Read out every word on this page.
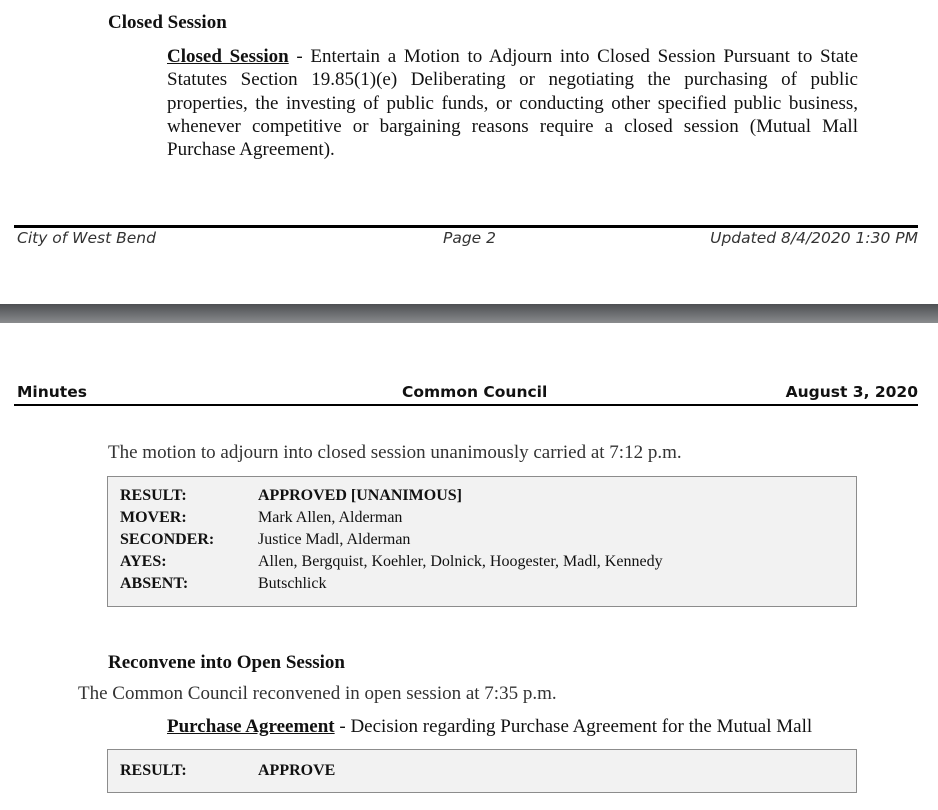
Closed Session
Closed Session - Entertain a Motion to Adjourn into Closed Session Pursuant to State Statutes Section 19.85(1)(e) Deliberating or negotiating the purchasing of public properties, the investing of public funds, or conducting other specified public business, whenever competitive or bargaining reasons require a closed session (Mutual Mall Purchase Agreement).
City of West Bend	Page 2	Updated 8/4/2020 1:30 PM
Minutes	Common Council	August 3, 2020
The motion to adjourn into closed session unanimously carried at 7:12 p.m.
RESULT:	APPROVED [UNANIMOUS]
MOVER:	Mark Allen, Alderman
SECONDER:	Justice Madl, Alderman
AYES:	Allen, Bergquist, Koehler, Dolnick, Hoogester, Madl, Kennedy
ABSENT:	Butschlick
Reconvene into Open Session
The Common Council reconvened in open session at 7:35 p.m.
Purchase Agreement - Decision regarding Purchase Agreement for the Mutual Mall
RESULT:	APPROVE
